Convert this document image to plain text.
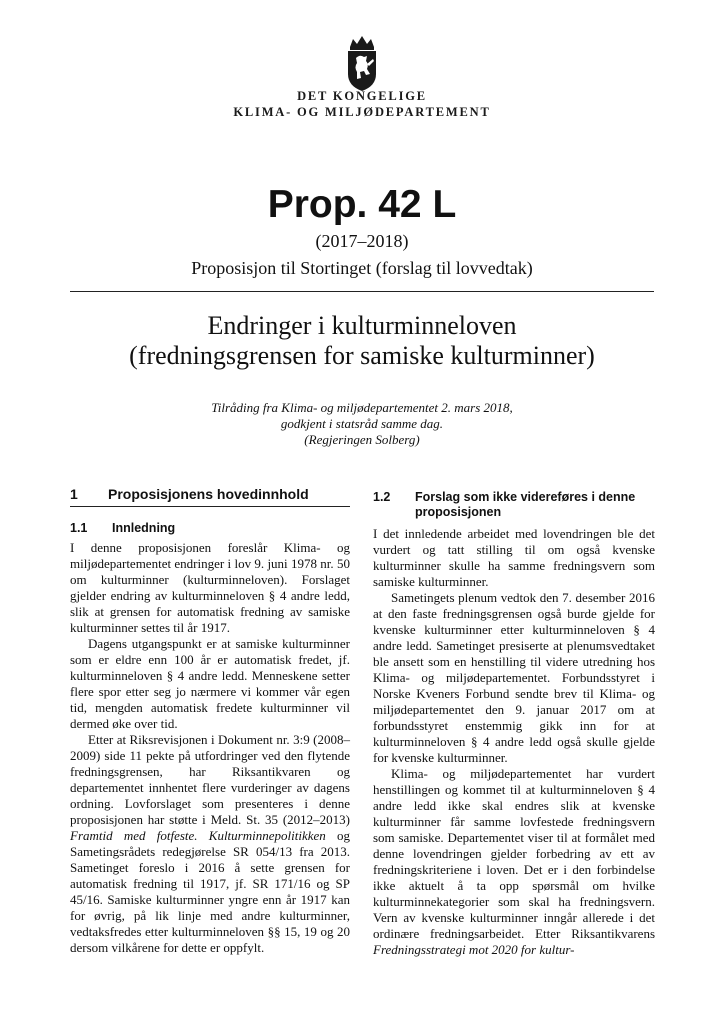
DET KONGELIGE
KLIMA- OG MILJØDEPARTEMENT
Prop. 42 L
(2017–2018)
Proposisjon til Stortinget (forslag til lovvedtak)
Endringer i kulturminneloven
(fredningsgrensen for samiske kulturminner)
Tilråding fra Klima- og miljødepartementet 2. mars 2018,
godkjent i statsråd samme dag.
(Regjeringen Solberg)
1 Proposisjonens hovedinnhold
1.1 Innledning

I denne proposisjonen foreslår Klima- og miljødepartementet endringer i lov 9. juni 1978 nr. 50 om kulturminner (kulturminneloven). Forslaget gjelder endring av kulturminneloven § 4 andre ledd, slik at grensen for automatisk fredning av samiske kulturminner settes til år 1917.

Dagens utgangspunkt er at samiske kulturminner som er eldre enn 100 år er automatisk fredet, jf. kulturminneloven § 4 andre ledd. Menneskene setter flere spor etter seg jo nærmere vi kommer vår egen tid, mengden automatisk fredete kulturminner vil dermed øke over tid.

Etter at Riksrevisjonen i Dokument nr. 3:9 (2008–2009) side 11 pekte på utfordringer ved den flytende fredningsgrensen, har Riksantikvaren og departementet innhentet flere vurderinger av dagens ordning. Lovforslaget som presenteres i denne proposisjonen har støtte i Meld. St. 35 (2012–2013) Framtid med fotfeste. Kulturminnepolitikken og Sametingsrådets redegjørelse SR 054/13 fra 2013. Sametinget foreslo i 2016 å sette grensen for automatisk fredning til 1917, jf. SR 171/16 og SP 45/16. Samiske kulturminner yngre enn år 1917 kan for øvrig, på lik linje med andre kulturminner, vedtaksfredes etter kulturminneloven §§ 15, 19 og 20 dersom vilkårene for dette er oppfylt.

1.2 Forslag som ikke videreføres i denne proposisjonen

I det innledende arbeidet med lovendringen ble det vurdert og tatt stilling til om også kvenske kulturminner skulle ha samme fredningsvern som samiske kulturminner.

Sametingets plenum vedtok den 7. desember 2016 at den faste fredningsgrensen også burde gjelde for kvenske kulturminner etter kulturminneloven § 4 andre ledd. Sametinget presiserte at plenumsvedtaket ble ansett som en henstilling til videre utredning hos Klima- og miljødepartementet. Forbundsstyret i Norske Kveners Forbund sendte brev til Klima- og miljødepartementet den 9. januar 2017 om at forbundsstyret enstemmig gikk inn for at kulturminneloven § 4 andre ledd også skulle gjelde for kvenske kulturminner.

Klima- og miljødepartementet har vurdert henstillingen og kommet til at kulturminneloven § 4 andre ledd ikke skal endres slik at kvenske kulturminner får samme lovfestede fredningsvern som samiske. Departementet viser til at formålet med denne lovendringen gjelder forbedring av ett av fredningskriteriene i loven. Det er i den forbindelse ikke aktuelt å ta opp spørsmål om hvilke kulturminnekategorier som skal ha fredningsvern. Vern av kvenske kulturminner inngår allerede i det ordinære fredningsarbeidet. Etter Riksantikvarens Fredningsstrategi mot 2020 for kultur-
